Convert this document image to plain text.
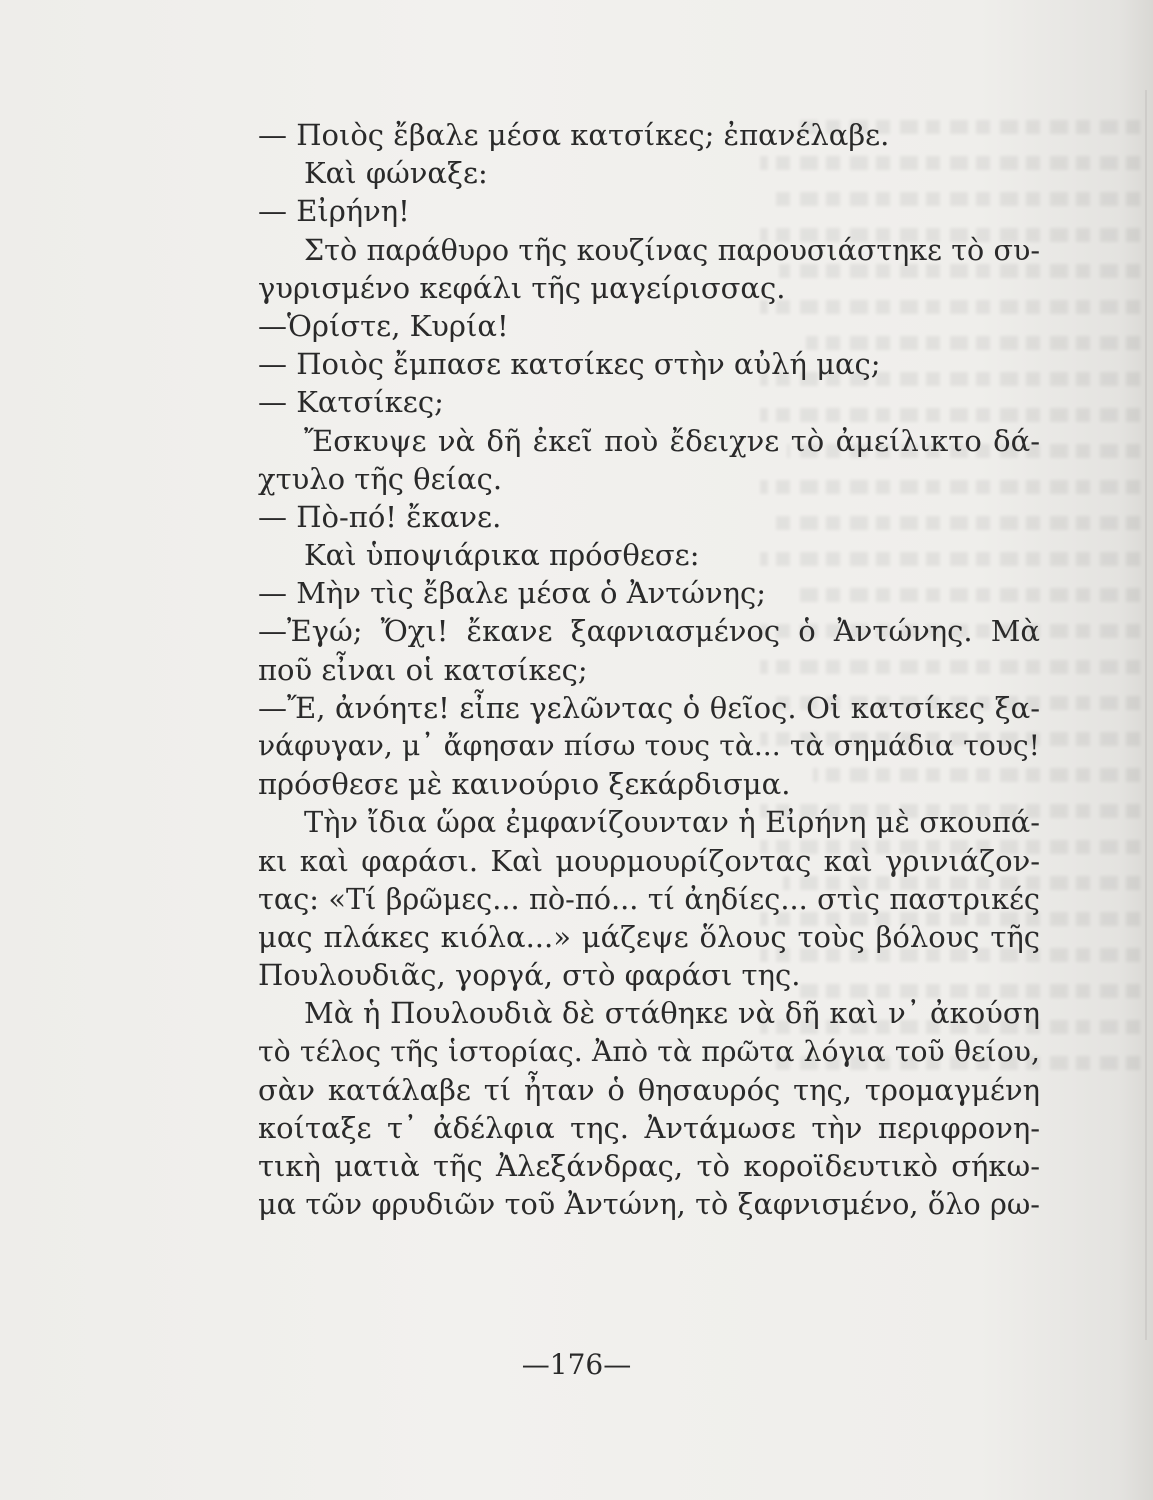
— Ποιὸς ἔβαλε μέσα κατσίκες; ἐπανέλαβε.
Καὶ φώναξε:
— Εἰρήνη!
Στὸ παράθυρο τῆς κουζίνας παρουσιάστηκε τὸ συ-
γυρισμένο κεφάλι τῆς μαγείρισσας.
—Ὁρίστε, Κυρία!
— Ποιὸς ἔμπασε κατσίκες στὴν αὐλή μας;
— Κατσίκες;
Ἔσκυψε νὰ δῆ ἐκεῖ ποὺ ἔδειχνε τὸ ἀμείλικτο δά-
χτυλο τῆς θείας.
— Πὸ-πό! ἔκανε.
Καὶ ὑποψιάρικα πρόσθεσε:
— Μὴν τὶς ἔβαλε μέσα ὁ Ἀντώνης;
—Ἐγώ; Ὄχι! ἔκανε ξαφνιασμένος ὁ Ἀντώνης. Μὰ
ποῦ εἶναι οἱ κατσίκες;
—Ἔ, ἀνόητε! εἶπε γελῶντας ὁ θεῖος. Οἱ κατσίκες ξα-
νάφυγαν, μ᾽ ἄφησαν πίσω τους τὰ... τὰ σημάδια τους!
πρόσθεσε μὲ καινούριο ξεκάρδισμα.
Τὴν ἴδια ὥρα ἐμφανίζουνταν ἡ Εἰρήνη μὲ σκουπά-
κι καὶ φαράσι. Καὶ μουρμουρίζοντας καὶ γρινιάζον-
τας: «Τί βρῶμες... πὸ-πό... τί ἀηδίες... στὶς παστρικές
μας πλάκες κιόλα...» μάζεψε ὅλους τοὺς βόλους τῆς
Πουλουδιᾶς, γοργά, στὸ φαράσι της.
Μὰ ἡ Πουλουδιὰ δὲ στάθηκε νὰ δῆ καὶ ν᾽ ἀκούση
τὸ τέλος τῆς ἱστορίας. Ἀπὸ τὰ πρῶτα λόγια τοῦ θείου,
σὰν κατάλαβε τί ἦταν ὁ θησαυρός της, τρομαγμένη
κοίταξε τ᾽ ἀδέλφια της. Ἀντάμωσε τὴν περιφρονη-
τικὴ ματιὰ τῆς Ἀλεξάνδρας, τὸ κοροϊδευτικὸ σήκω-
μα τῶν φρυδιῶν τοῦ Ἀντώνη, τὸ ξαφνισμένο, ὅλο ρω-
—176—
